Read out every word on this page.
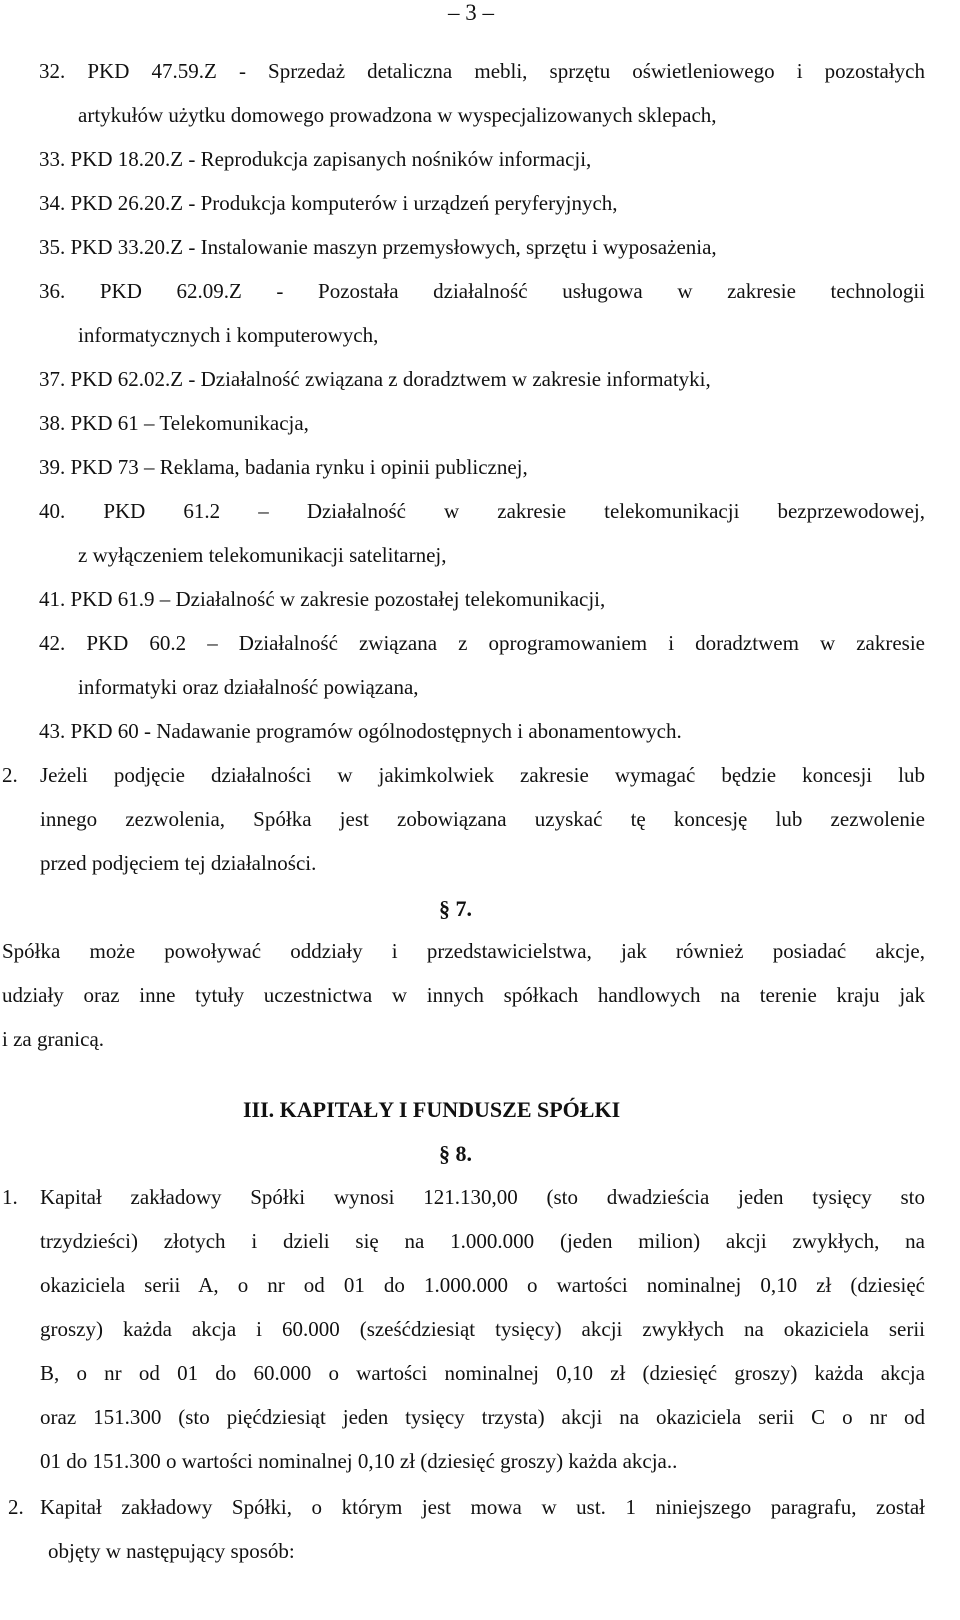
– 3 –
32. PKD 47.59.Z - Sprzedaż detaliczna mebli, sprzętu oświetleniowego i pozostałych
artykułów użytku domowego prowadzona w wyspecjalizowanych sklepach,
33. PKD 18.20.Z - Reprodukcja zapisanych nośników informacji,
34. PKD 26.20.Z - Produkcja komputerów i urządzeń peryferyjnych,
35. PKD 33.20.Z - Instalowanie maszyn przemysłowych, sprzętu i wyposażenia,
36. PKD 62.09.Z - Pozostała działalność usługowa w zakresie technologii
informatycznych i komputerowych,
37. PKD 62.02.Z - Działalność związana z doradztwem w zakresie informatyki,
38. PKD 61 – Telekomunikacja,
39. PKD 73 – Reklama, badania rynku i opinii publicznej,
40. PKD 61.2 – Działalność w zakresie telekomunikacji bezprzewodowej,
z wyłączeniem telekomunikacji satelitarnej,
41. PKD 61.9 – Działalność w zakresie pozostałej telekomunikacji,
42. PKD 60.2 – Działalność związana z oprogramowaniem i doradztwem w zakresie
informatyki oraz działalność powiązana,
43. PKD 60 - Nadawanie programów ogólnodostępnych i abonamentowych.
2. Jeżeli podjęcie działalności w jakimkolwiek zakresie wymagać będzie koncesji lub
innego zezwolenia, Spółka jest zobowiązana uzyskać tę koncesję lub zezwolenie
przed podjęciem tej działalności.
§ 7.
Spółka może powoływać oddziały i przedstawicielstwa, jak również posiadać akcje,
udziały oraz inne tytuły uczestnictwa w innych spółkach handlowych na terenie kraju jak
i za granicą.
III. KAPITAŁY I FUNDUSZE SPÓŁKI
§ 8.
1. Kapitał zakładowy Spółki wynosi 121.130,00 (sto dwadzieścia jeden tysięcy sto
trzydzieści) złotych i dzieli się na 1.000.000 (jeden milion) akcji zwykłych, na
okaziciela serii A, o nr od 01 do 1.000.000 o wartości nominalnej 0,10 zł (dziesięć
groszy) każda akcja i 60.000 (sześćdziesiąt tysięcy) akcji zwykłych na okaziciela serii
B, o nr od 01 do 60.000 o wartości nominalnej 0,10 zł (dziesięć groszy) każda akcja
oraz 151.300 (sto pięćdziesiąt jeden tysięcy trzysta) akcji na okaziciela serii C o nr od
01 do 151.300 o wartości nominalnej 0,10 zł (dziesięć groszy) każda akcja..
2. Kapitał zakładowy Spółki, o którym jest mowa w ust. 1 niniejszego paragrafu, został
objęty w następujący sposób:
